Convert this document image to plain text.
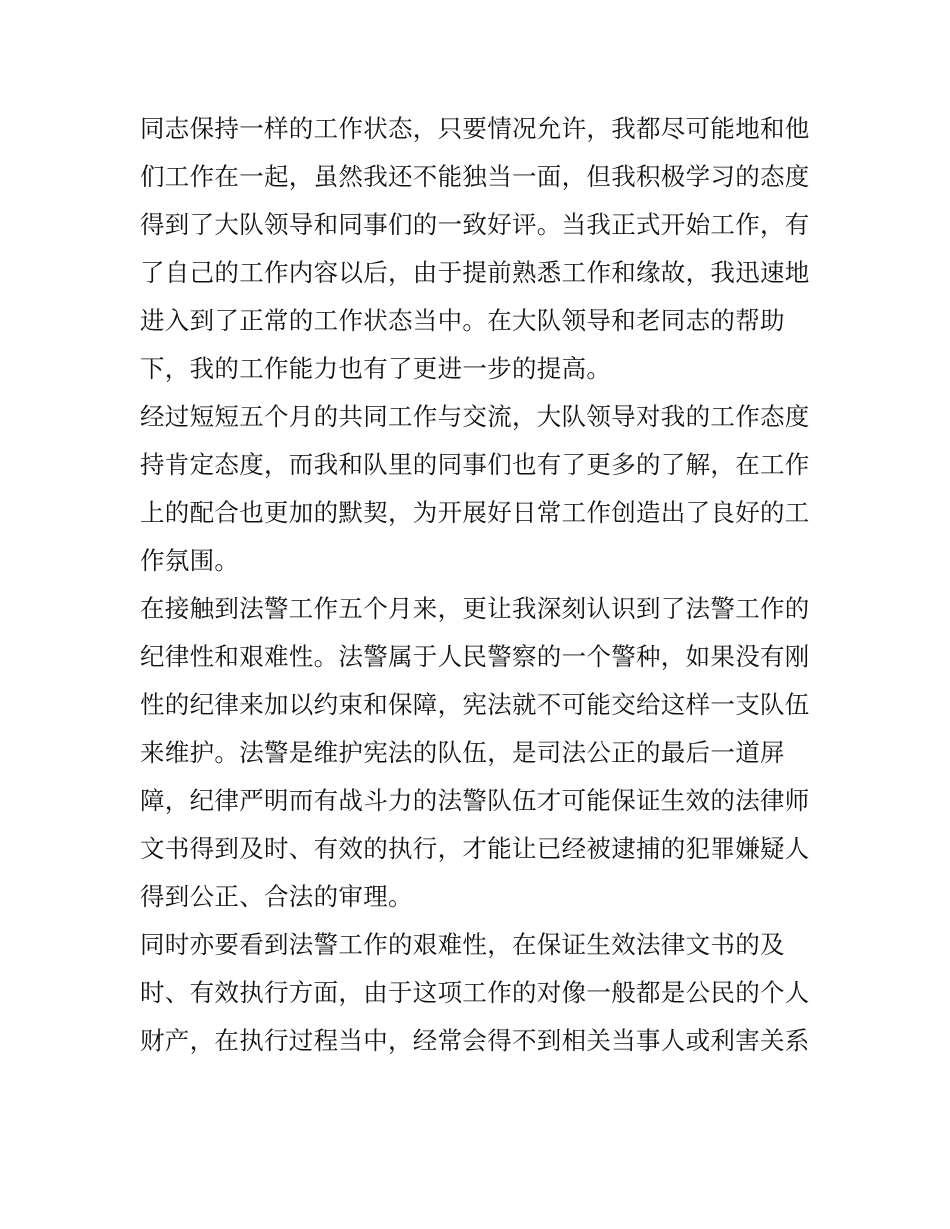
同志保持一样的工作状态，只要情况允许，我都尽可能地和他
们工作在一起，虽然我还不能独当一面，但我积极学习的态度
得到了大队领导和同事们的一致好评。当我正式开始工作，有
了自己的工作内容以后，由于提前熟悉工作和缘故，我迅速地
进入到了正常的工作状态当中。在大队领导和老同志的帮助
下，我的工作能力也有了更进一步的提高。
经过短短五个月的共同工作与交流，大队领导对我的工作态度
持肯定态度，而我和队里的同事们也有了更多的了解，在工作
上的配合也更加的默契，为开展好日常工作创造出了良好的工
作氛围。
在接触到法警工作五个月来，更让我深刻认识到了法警工作的
纪律性和艰难性。法警属于人民警察的一个警种，如果没有刚
性的纪律来加以约束和保障，宪法就不可能交给这样一支队伍
来维护。法警是维护宪法的队伍，是司法公正的最后一道屏
障，纪律严明而有战斗力的法警队伍才可能保证生效的法律师
文书得到及时、有效的执行，才能让已经被逮捕的犯罪嫌疑人
得到公正、合法的审理。
同时亦要看到法警工作的艰难性，在保证生效法律文书的及
时、有效执行方面，由于这项工作的对像一般都是公民的个人
财产，在执行过程当中，经常会得不到相关当事人或利害关系
